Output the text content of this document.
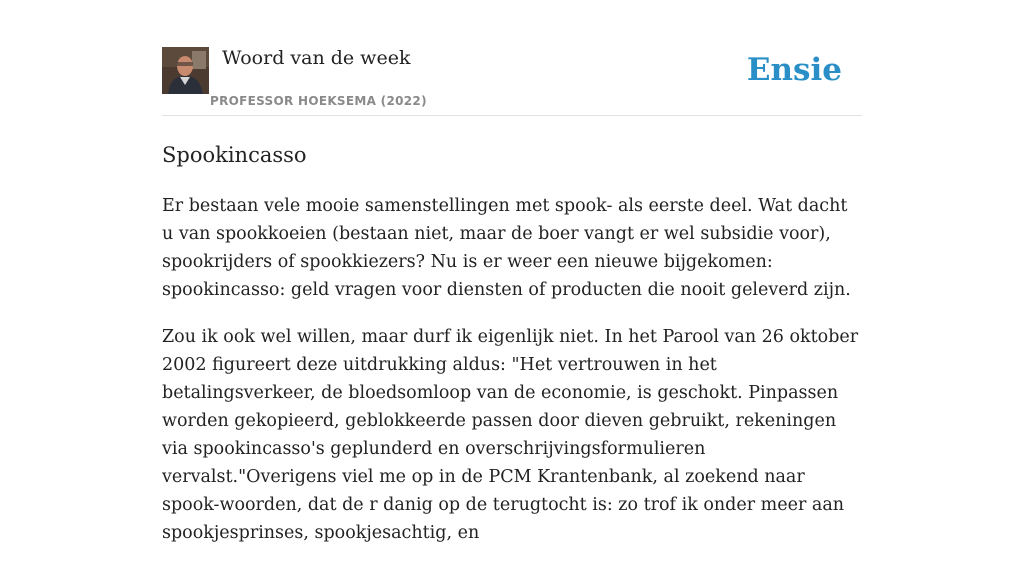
Woord van de week
PROFESSOR HOEKSEMA (2022)
Ensie
Spookincasso

Er bestaan vele mooie samenstellingen met spook- als eerste deel. Wat dacht u van spookkoeien (bestaan niet, maar de boer vangt er wel subsidie voor), spookrijders of spookkiezers? Nu is er weer een nieuwe bijgekomen: spookincasso: geld vragen voor diensten of producten die nooit geleverd zijn.

Zou ik ook wel willen, maar durf ik eigenlijk niet. In het Parool van 26 oktober 2002 figureert deze uitdrukking aldus: "Het vertrouwen in het betalingsverkeer, de bloedsomloop van de economie, is geschokt. Pinpassen worden gekopieerd, geblokkeerde passen door dieven gebruikt, rekeningen via spookincasso's geplunderd en overschrijvingsformulieren vervalst."Overigens viel me op in de PCM Krantenbank, al zoekend naar spook-woorden, dat de r danig op de terugtocht is: zo trof ik onder meer aan spookjesprinses, spookjesachtig, en
